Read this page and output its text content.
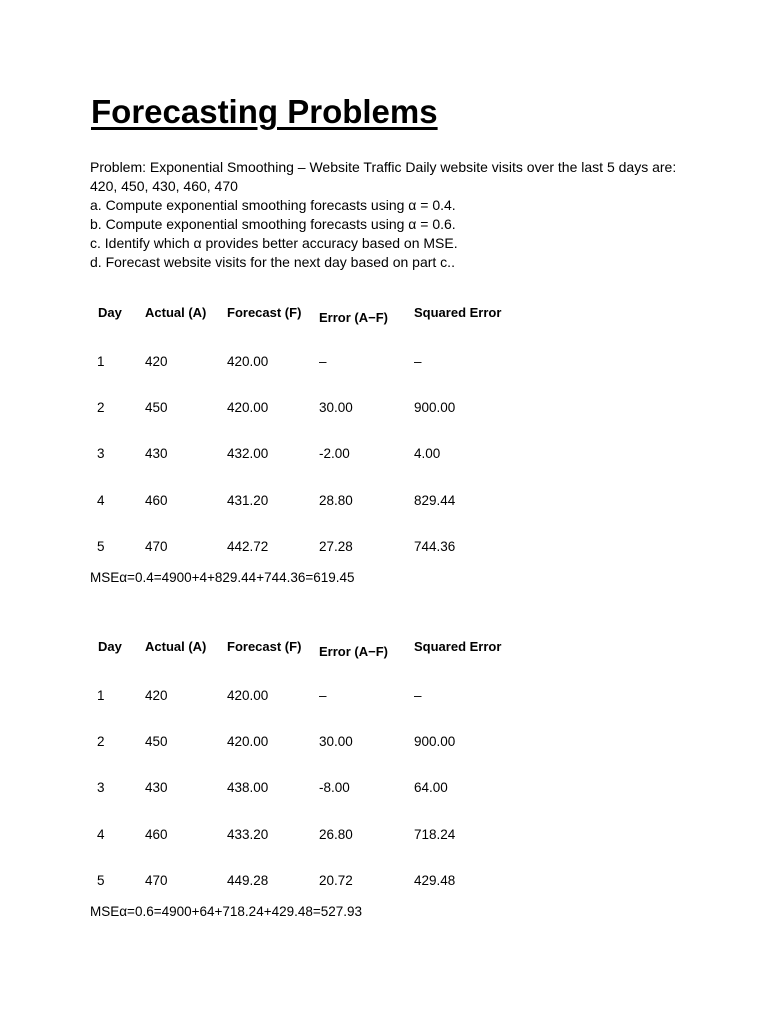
Forecasting Problems
Problem: Exponential Smoothing – Website Traffic Daily website visits over the last 5 days are:
420, 450, 430, 460, 470
a. Compute exponential smoothing forecasts using α = 0.4.
b. Compute exponential smoothing forecasts using α = 0.6.
c. Identify which α provides better accuracy based on MSE.
d. Forecast website visits for the next day based on part c..
Day	Actual (A)	Forecast (F)	Error (A−F)	Squared Error
1	420	420.00	–	–
2	450	420.00	30.00	900.00
3	430	432.00	-2.00	4.00
4	460	431.20	28.80	829.44
5	470	442.72	27.28	744.36
MSEα=0.4=4900+4+829.44+744.36=619.45
Day	Actual (A)	Forecast (F)	Error (A−F)	Squared Error
1	420	420.00	–	–
2	450	420.00	30.00	900.00
3	430	438.00	-8.00	64.00
4	460	433.20	26.80	718.24
5	470	449.28	20.72	429.48
MSEα=0.6=4900+64+718.24+429.48=527.93
